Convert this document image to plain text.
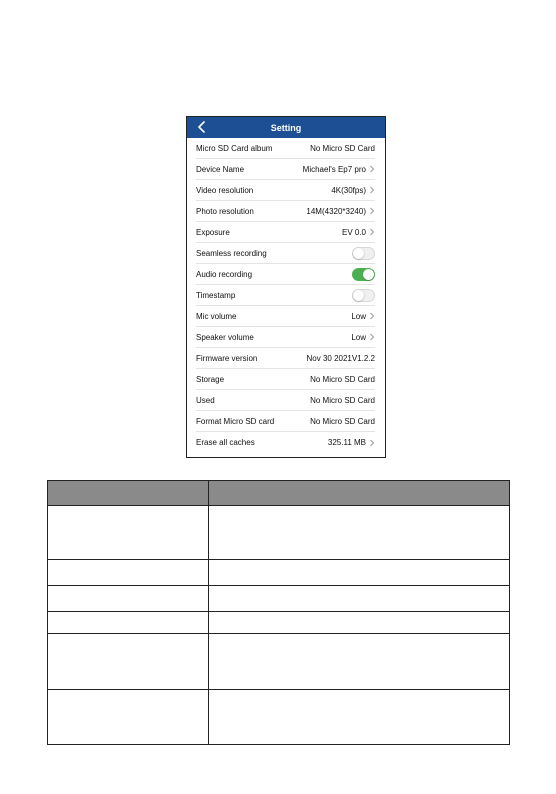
Setting
Micro SD Card album	No Micro SD Card
Device Name	Michael's Ep7 pro
Video resolution	4K(30fps)
Photo resolution	14M(4320*3240)
Exposure	EV 0.0
Seamless recording
Audio recording
Timestamp
Mic volume	Low
Speaker volume	Low
Firmware version	Nov 30 2021V1.2.2
Storage	No Micro SD Card
Used	No Micro SD Card
Format Micro SD card	No Micro SD Card
Erase all caches	325.11 MB
